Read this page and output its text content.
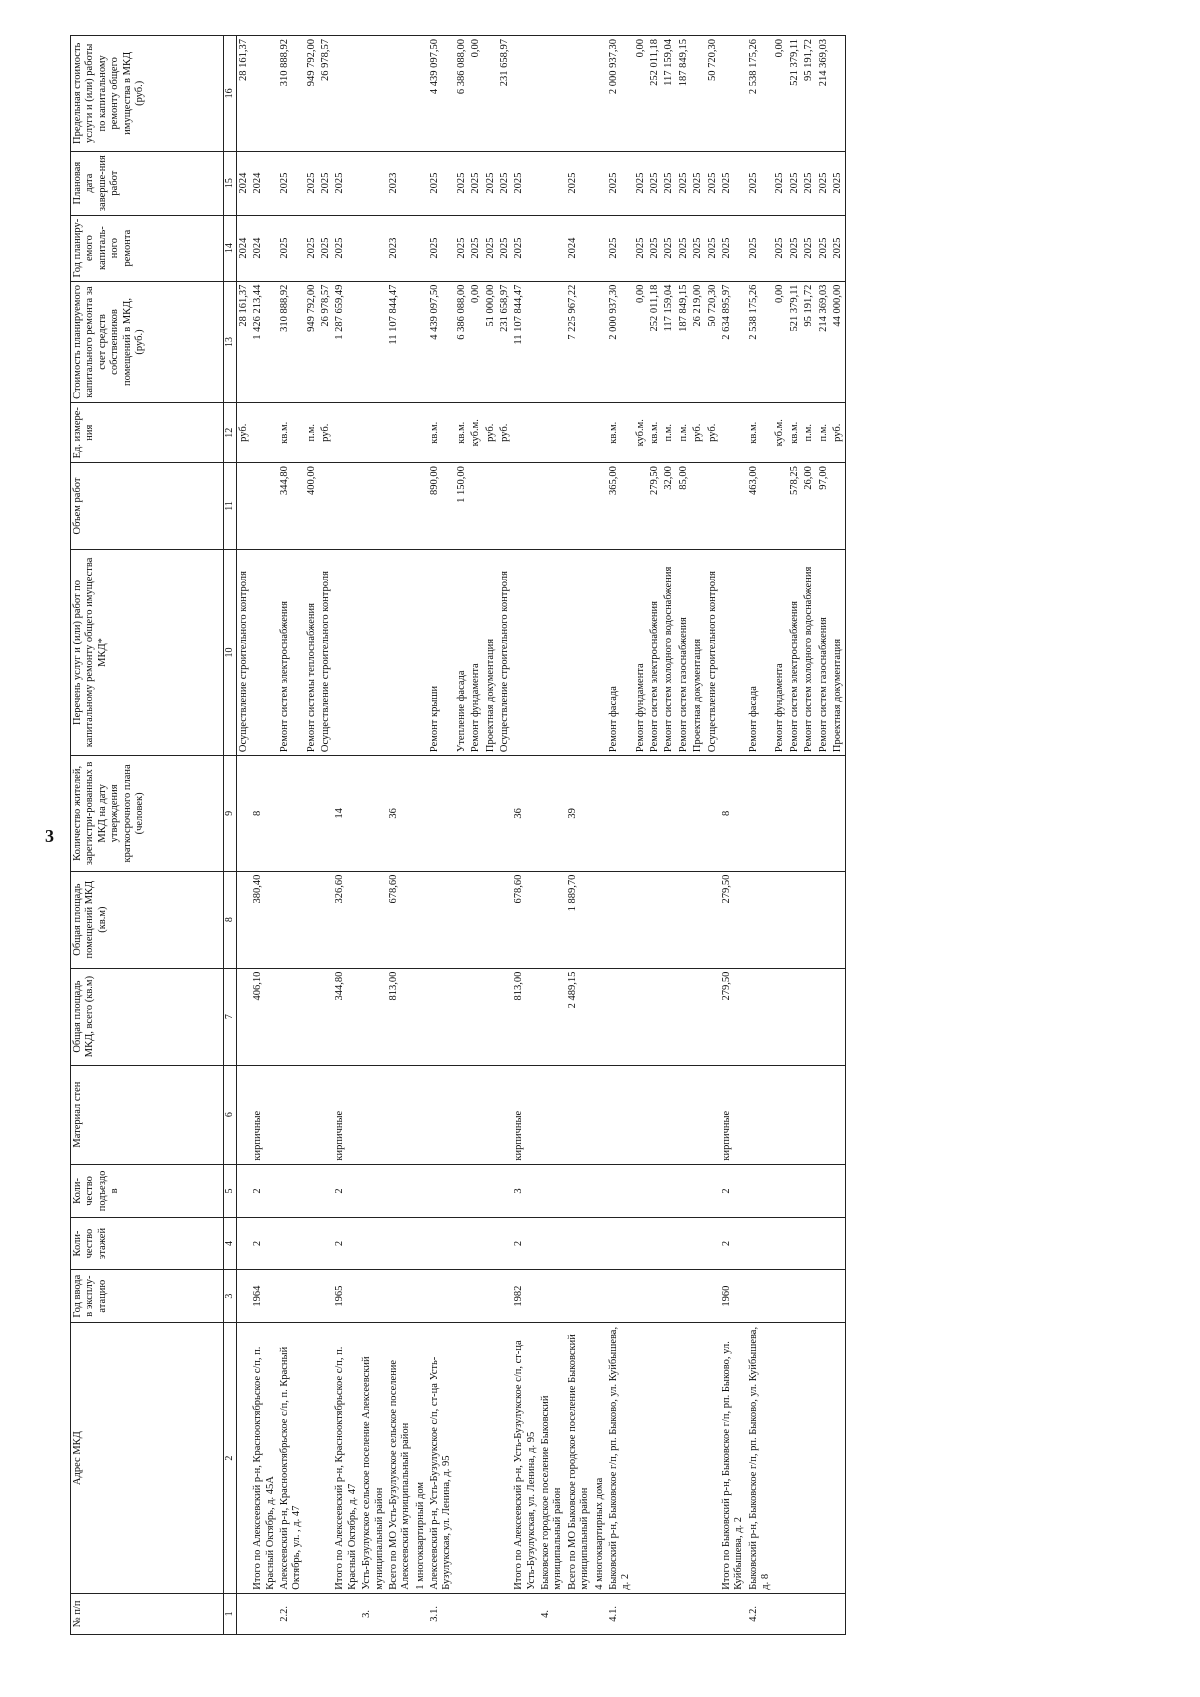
3
№ п/п	Адрес МКД	Год ввода в эксплу-атацию	Коли-чество этажей	Коли-чество подъездо в	Материал стен	Общая площадь МКД, всего (кв.м)	Общая площадь помещений МКД (кв.м)	Количество жителей, зарегистри-рованных в МКД на дату утверждения краткосрочного плана (человек)	Перечень услуг и (или) работ по капитальному ремонту общего имущества МКД*	Объем работ	Ед. измере-ния	Стоимость планируемого капитального ремонта за счет средств собственников помещений в МКД, (руб.)	Год планиру-емого капиталь-ного ремонта	Плановая дата заверше-ния работ	Предельная стоимость услуги и (или) работы по капитальному ремонту общего имущества в МКД (руб.)
1	2	3	4	5	6	7	8	9	10	11	12	13	14	15	16
									Осуществление строительного контроля		руб.	28 161,37	2024	2024	28 161,37
	Итого по Алексеевский р-н, Краснооктябрьское с/п, п. Красный Октябрь, д. 45А	1964	2	2	кирпичные	406,10	380,40	8				1 426 213,44	2024	2024	
2.2.	Алексеевский р-н, Краснооктябрьское с/п, п. Красный Октябрь, ул. , д. 47								Ремонт систем электроснабжения	344,80	кв.м.	310 888,92	2025	2025	310 888,92
									Ремонт системы теплоснабжения	400,00	п.м.	949 792,00	2025	2025	949 792,00
									Осуществление строительного контроля		руб.	26 978,57	2025	2025	26 978,57
	Итого по Алексеевский р-н, Краснооктябрьское с/п, п. Красный Октябрь, д. 47	1965	2	2	кирпичные	344,80	326,60	14				1 287 659,49	2025	2025	
3.	Усть-Бузулукское сельское поселение Алексеевский муниципальный район														
	Всего по МО Усть-Бузулукское сельское поселение Алексеевский муниципальный район					813,00	678,60	36				11 107 844,47	2023	2023	
	1 многоквартирный дом														
3.1.	Алексеевский р-н, Усть-Бузулукское с/п, ст-ца Усть-Бузулукская, ул. Ленина, д. 95								Ремонт крыши	890,00	кв.м.	4 439 097,50	2025	2025	4 439 097,50
									Утепление фасада	1 150,00	кв.м.	6 386 088,00	2025	2025	6 386 088,00
									Ремонт фундамента		куб.м.	0,00	2025	2025	0,00
									Проектная документация		руб.	51 000,00	2025	2025	
									Осуществление строительного контроля		руб.	231 658,97	2025	2025	231 658,97
	Итого по Алексеевский р-н, Усть-Бузулукское с/п, ст-ца Усть-Бузулукская, ул. Ленина, д. 95	1982	2	3	кирпичные	813,00	678,60	36				11 107 844,47	2025	2025	
4.	Быковское городское поселение Быковский муниципальный район														
	Всего по МО Быковское городское поселение Быковский муниципальный район					2 489,15	1 889,70	39				7 225 967,22	2024	2025	
	4 многоквартирных дома														
4.1.	Быковский р-н, Быковское г/п, рп. Быково, ул. Куйбышева, д. 2								Ремонт фасада	365,00	кв.м.	2 000 937,30	2025	2025	2 000 937,30
									Ремонт фундамента		куб.м.	0,00	2025	2025	0,00
									Ремонт систем электроснабжения	279,50	кв.м.	252 011,18	2025	2025	252 011,18
									Ремонт систем холодного водоснабжения	32,00	п.м.	117 159,04	2025	2025	117 159,04
									Ремонт систем газоснабжения	85,00	п.м.	187 849,15	2025	2025	187 849,15
									Проектная документация		руб.	26 219,00	2025	2025	
									Осуществление строительного контроля		руб.	50 720,30	2025	2025	50 720,30
	Итого по Быковский р-н, Быковское г/п, рп. Быково, ул. Куйбышева, д. 2	1960	2	2	кирпичные	279,50	279,50	8				2 634 895,97	2025	2025	
4.2.	Быковский р-н, Быковское г/п, рп. Быково, ул. Куйбышева, д. 8								Ремонт фасада	463,00	кв.м.	2 538 175,26	2025	2025	2 538 175,26
									Ремонт фундамента		куб.м.	0,00	2025	2025	0,00
									Ремонт систем электроснабжения	578,25	кв.м.	521 379,11	2025	2025	521 379,11
									Ремонт систем холодного водоснабжения	26,00	п.м.	95 191,72	2025	2025	95 191,72
									Ремонт систем газоснабжения	97,00	п.м.	214 369,03	2025	2025	214 369,03
									Проектная документация		руб.	44 000,00	2025	2025	
